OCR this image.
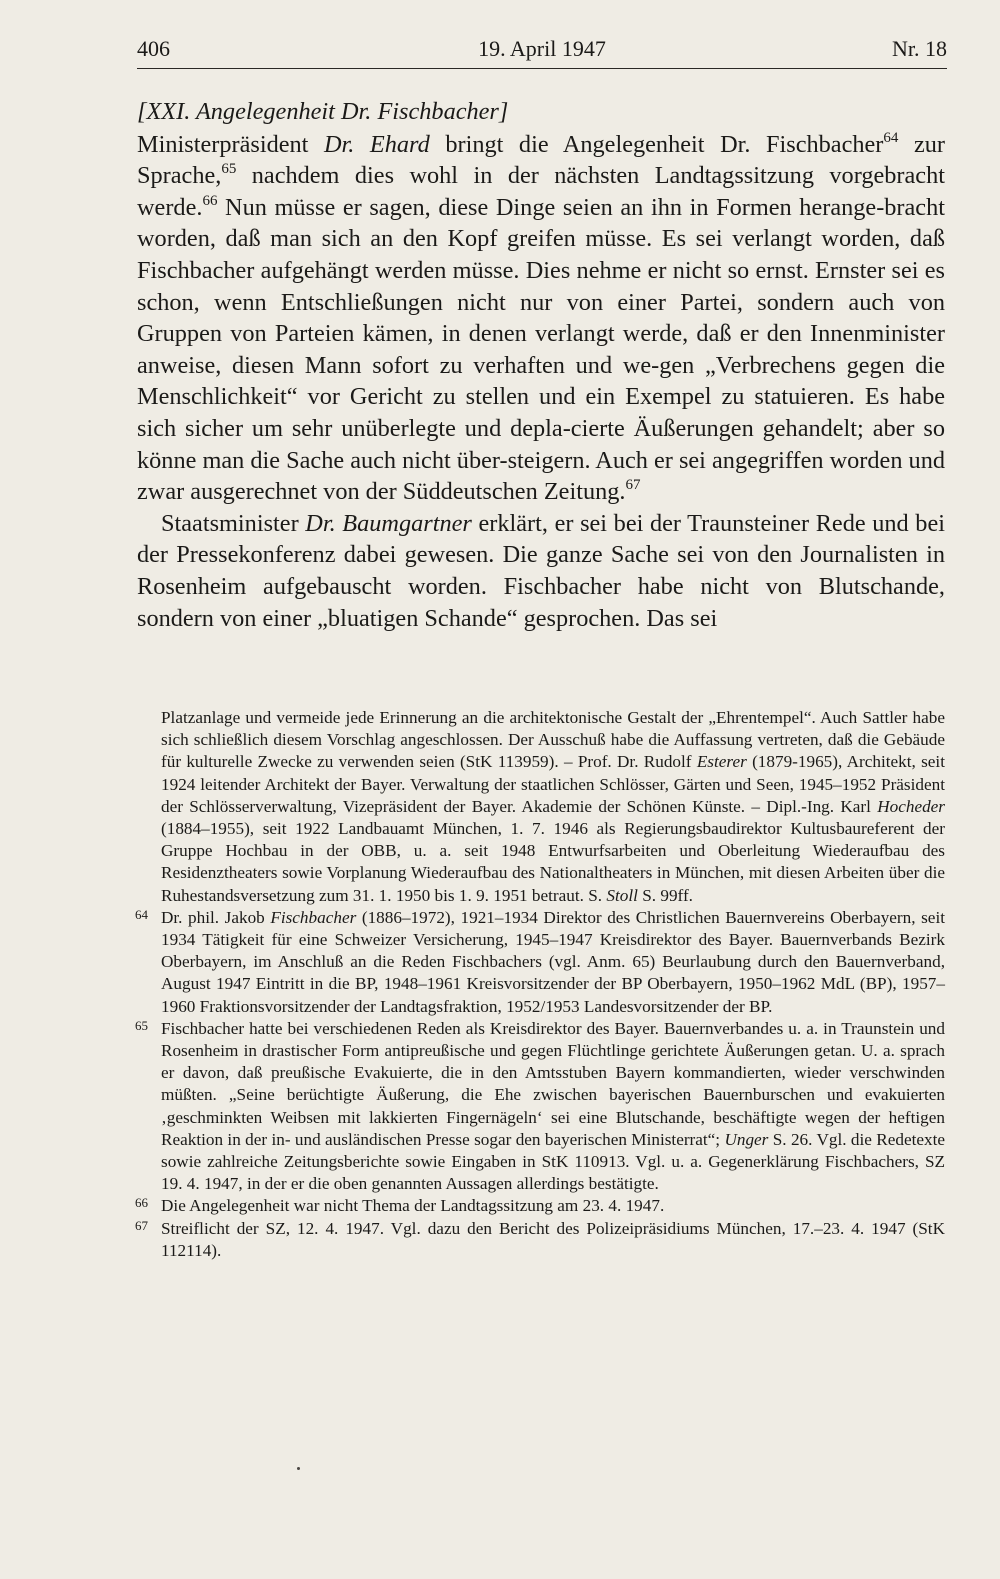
406	19. April 1947	Nr. 18

[XXI. Angelegenheit Dr. Fischbacher]

Ministerpräsident Dr. Ehard bringt die Angelegenheit Dr. Fischbacher$^{64}$ zur Sprache,$^{65}$ nachdem dies wohl in der nächsten Landtagssitzung vorgebracht werde.$^{66}$ Nun müsse er sagen, diese Dinge seien an ihn in Formen herange-bracht worden, daß man sich an den Kopf greifen müsse. Es sei verlangt worden, daß Fischbacher aufgehängt werden müsse. Dies nehme er nicht so ernst. Ernster sei es schon, wenn Entschließungen nicht nur von einer Partei, sondern auch von Gruppen von Parteien kämen, in denen verlangt werde, daß er den Innenminister anweise, diesen Mann sofort zu verhaften und we-gen „Verbrechens gegen die Menschlichkeit“ vor Gericht zu stellen und ein Exempel zu statuieren. Es habe sich sicher um sehr unüberlegte und depla-cierte Äußerungen gehandelt; aber so könne man die Sache auch nicht über-steigern. Auch er sei angegriffen worden und zwar ausgerechnet von der Süddeutschen Zeitung.$^{67}$

Staatsminister Dr. Baumgartner erklärt, er sei bei der Traunsteiner Rede und bei der Pressekonferenz dabei gewesen. Die ganze Sache sei von den Journalisten in Rosenheim aufgebauscht worden. Fischbacher habe nicht von Blutschande, sondern von einer „bluatigen Schande“ gesprochen. Das sei

Platzanlage und vermeide jede Erinnerung an die architektonische Gestalt der „Ehrentempel“. Auch Sattler habe sich schließlich diesem Vorschlag angeschlossen. Der Ausschuß habe die Auffassung vertreten, daß die Gebäude für kulturelle Zwecke zu verwenden seien (StK 113959). – Prof. Dr. Rudolf Esterer (1879-1965), Architekt, seit 1924 leitender Architekt der Bayer. Verwaltung der staatlichen Schlösser, Gärten und Seen, 1945–1952 Präsident der Schlösserverwaltung, Vizepräsident der Bayer. Akademie der Schönen Künste. – Dipl.-Ing. Karl Hocheder (1884–1955), seit 1922 Landbauamt München, 1. 7. 1946 als Regierungsbaudirektor Kultusbaureferent der Gruppe Hochbau in der OBB, u. a. seit 1948 Entwurfsarbeiten und Oberleitung Wiederaufbau des Residenztheaters sowie Vorplanung Wiederaufbau des Nationaltheaters in München, mit diesen Arbeiten über die Ruhestandsversetzung zum 31. 1. 1950 bis 1. 9. 1951 betraut. S. Stoll S. 99ff.

64 Dr. phil. Jakob Fischbacher (1886–1972), 1921–1934 Direktor des Christlichen Bauernvereins Oberbayern, seit 1934 Tätigkeit für eine Schweizer Versicherung, 1945–1947 Kreisdirektor des Bayer. Bauernverbands Bezirk Oberbayern, im Anschluß an die Reden Fischbachers (vgl. Anm. 65) Beurlaubung durch den Bauernverband, August 1947 Eintritt in die BP, 1948–1961 Kreisvorsitzender der BP Oberbayern, 1950–1962 MdL (BP), 1957–1960 Fraktionsvorsitzender der Landtagsfraktion, 1952/1953 Landesvorsitzender der BP.

65 Fischbacher hatte bei verschiedenen Reden als Kreisdirektor des Bayer. Bauernverbandes u. a. in Traunstein und Rosenheim in drastischer Form antipreußische und gegen Flüchtlinge gerichtete Äußerungen getan. U. a. sprach er davon, daß preußische Evakuierte, die in den Amtsstuben Bayern kommandierten, wieder verschwinden müßten. „Seine berüchtigte Äußerung, die Ehe zwischen bayerischen Bauernburschen und evakuierten ‚geschminkten Weibsen mit lakkierten Fingernägeln‘ sei eine Blutschande, beschäftigte wegen der heftigen Reaktion in der in- und ausländischen Presse sogar den bayerischen Ministerrat“; Unger S. 26. Vgl. die Redetexte sowie zahlreiche Zeitungsberichte sowie Eingaben in StK 110913. Vgl. u. a. Gegenerklärung Fischbachers, SZ 19. 4. 1947, in der er die oben genannten Aussagen allerdings bestätigte.

66 Die Angelegenheit war nicht Thema der Landtagssitzung am 23. 4. 1947.

67 Streiflicht der SZ, 12. 4. 1947. Vgl. dazu den Bericht des Polizeipräsidiums München, 17.–23. 4. 1947 (StK 112114).
